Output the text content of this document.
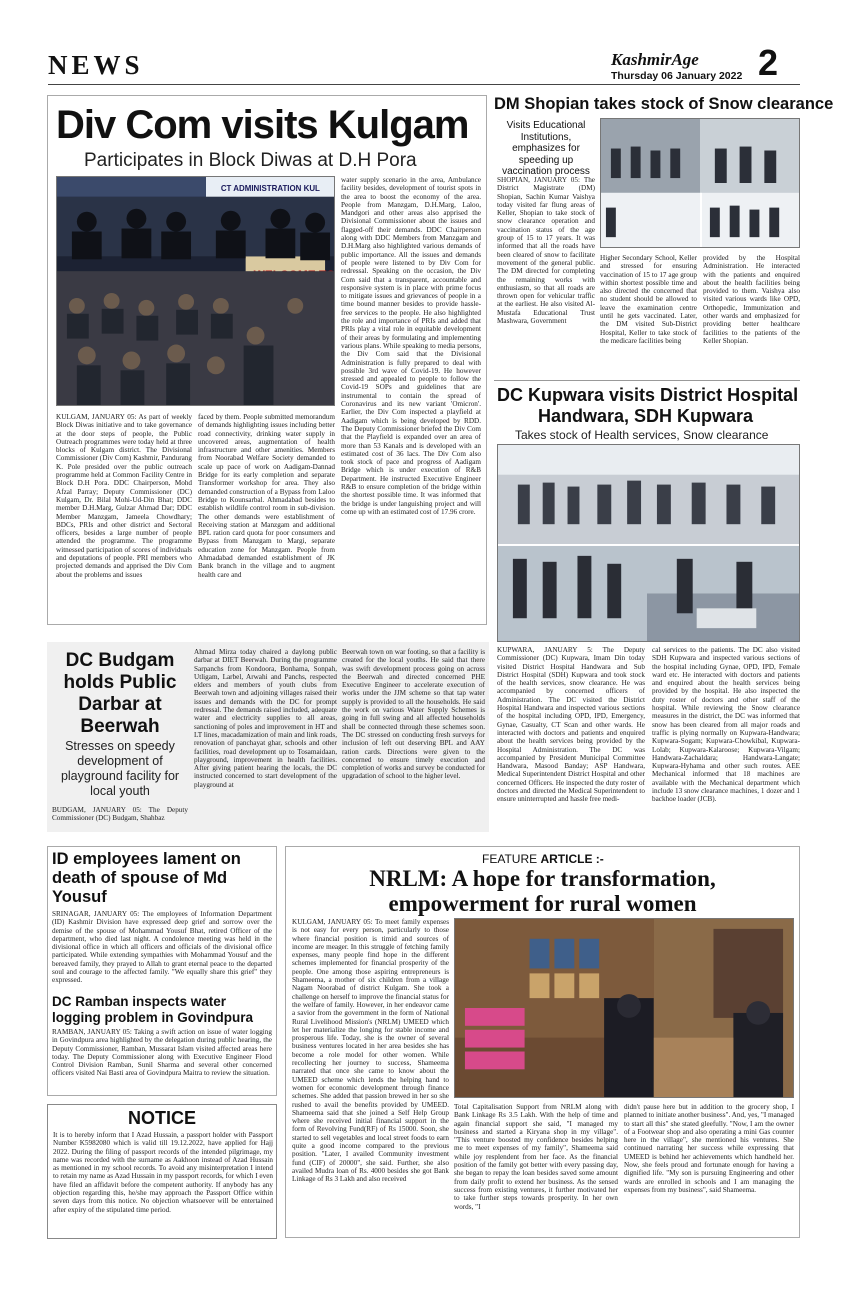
NEWS	KashmirAge
Thursday 06 January 2022 2
Div Com visits Kulgam
Participates in Block Diwas at D.H Pora
CT ADMINISTRATION KUL
KULGAM, JANUARY 05: As part of weekly Block Diwas initiative and to take governance at the door steps of people, the Public Outreach programmes were today held at three blocks of Kulgam district. The Divisional Commissioner (Div Com) Kashmir, Pandurang K. Pole presided over the public outreach programme held at Common Facility Centre in Block D.H Pora. DDC Chairperson, Mohd Afzal Parray; Deputy Commissioner (DC) Kulgam, Dr. Bilal Mohi-Ud-Din Bhat; DDC member D.H.Marg, Gulzar Ahmad Dar; DDC Member Manzgam, Jameela Chowdhary; BDCs, PRIs and other district and Sectoral officers, besides a large number of people attended the programme. The programme witnessed participation of scores of individuals and deputations of people. PRI members who projected demands and apprised the Div Com about the problems and issues
faced by them. People submitted memorandum of demands highlighting issues including better road connectivity, drinking water supply in uncovered areas, augmentation of health infrastructure and other amenities. Members from Noorabad Welfare Society demanded to scale up pace of work on Aadigam-Dannad Bridge for its early completion and separate Transformer workshop for area. They also demanded construction of a Bypass from Laloo Bridge to Kounsarbal. Ahmadabad besides to establish wildlife control room in sub-division. The other demands were establishment of Receiving station at Manzgam and additional BPL ration card quota for poor consumers and Bypass from Manzgam to Margi, separate education zone for Manzgam. People from Ahmadabad demanded establishment of JK Bank branch in the village and to augment health care and
water supply scenario in the area, Ambulance facility besides, development of tourist spots in the area to boost the economy of the area. People from Manzgam, D.H.Marg, Laloo, Mandgori and other areas also apprised the Divisional Commissioner about the issues and flagged-off their demands. DDC Chairperson along with DDC Members from Manzgam and D.H.Marg also highlighted various demands of public importance. All the issues and demands of people were listened to by Div Com for redressal. Speaking on the occasion, the Div Com said that a transparent, accountable and responsive system is in place with prime focus to mitigate issues and grievances of people in a time bound manner besides to provide hassle-free services to the people. He also highlighted the role and importance of PRIs and added that PRIs play a vital role in equitable development of their areas by formulating and implementing various plans. While speaking to media persons, the Div Com said that the Divisional Administration is fully prepared to deal with possible 3rd wave of Covid-19. He however stressed and appealed to people to follow the Covid-19 SOPs and guidelines that are instrumental to contain the spread of Coronavirus and its new variant 'Omicron'. Earlier, the Div Com inspected a playfield at Aadigam which is being developed by RDD. The Deputy Commissioner briefed the Div Com that the Playfield is expanded over an area of more than 53 Kanals and is developed with an estimated cost of 36 lacs. The Div Com also took stock of pace and progress of Aadigam Bridge which is under execution of R&B Department. He instructed Executive Engineer R&B to ensure completion of the bridge within the shortest possible time. It was informed that the bridge is under languishing project and will come up with an estimated cost of 17.96 crore.
DM Shopian takes stock of Snow clearance
Visits Educational Institutions, emphasizes for speeding up vaccination process
SHOPIAN, JANUARY 05: The District Magistrate (DM) Shopian, Sachin Kumar Vaishya today visited far flung areas of Keller, Shopian to take stock of snow clearance operation and vaccination status of the age group of 15 to 17 years. It was informed that all the roads have been cleared of snow to facilitate movement of the general public. The DM directed for completing the remaining works with enthusiasm, so that all roads are thrown open for vehicular traffic at the earliest. He also visited Al-Mustafa Educational Trust Mashwara, Government
Higher Secondary School, Keller and stressed for ensuring vaccination of 15 to 17 age group within shortest possible time and also directed the concerned that no student should be allowed to leave the examination centre until he gets vaccinated. Later, the DM visited Sub-District Hospital, Keller to take stock of the medicare facilities being
provided by the Hospital Administration. He interacted with the patients and enquired about the health facilities being provided to them. Vaishya also visited various wards like OPD, Orthopedic, Immunization and other wards and emphasized for providing better healthcare facilities to the patients of the Keller Shopian.
DC Kupwara visits District Hospital
Handwara, SDH Kupwara
Takes stock of Health services, Snow clearance
KUPWARA, JANUARY 5: The Deputy Commissioner (DC) Kupwara, Imam Din today visited District Hospital Handwara and Sub District Hospital (SDH) Kupwara and took stock of the health services, snow clearance. He was accompanied by concerned officers of Administration. The DC visited the District Hospital Handwara and inspected various sections of the hospital including OPD, IPD, Emergency, Gynae, Casualty, CT Scan and other wards. He interacted with doctors and patients and enquired about the health services being provided by the Hospital Administration. The DC was accompanied by President Municipal Committee Handwara, Masood Banday; ASP Handwara, Medical Superintendent District Hospital and other concerned Officers. He inspected the duty roster of doctors and directed the Medical Superintendent to ensure uninterrupted and hassle free medi-
cal services to the patients. The DC also visited SDH Kupwara and inspected various sections of the hospital including Gynae, OPD, IPD, Female ward etc. He interacted with doctors and patients and enquired about the health services being provided by the hospital. He also inspected the duty roster of doctors and other staff of the hospital. While reviewing the Snow clearance measures in the district, the DC was informed that snow has been cleared from all major roads and traffic is plying normally on Kupwara-Handwara; Kupwara-Sogam; Kupwara-Chowkibal, Kupwara-Lolab; Kupwara-Kalaroose; Kupwara-Vilgam; Handwara-Zachaldara; Handwara-Langate; Kupwara-Hyhama and other such routes. AEE Mechanical informed that 18 machines are available with the Mechanical department which include 13 snow clearance machines, 1 dozer and 1 backhoe loader (JCB).
DC Budgam holds Public Darbar at Beerwah
Stresses on speedy development of playground facility for local youth
BUDGAM, JANUARY 05: The Deputy Commissioner (DC) Budgam, Shahbaz
Ahmad Mirza today chaired a daylong public darbar at DIET Beerwah. During the programme Sarpanchs from Kondoora, Bonhama, Sonpah, Utligam, Larbel, Arwahi and Panchs, respected elders and members of youth clubs from Beerwah town and adjoining villages raised their issues and demands with the DC for prompt redressal. The demands raised included, adequate water and electricity supplies to all areas, sanctioning of poles and improvement in HT and LT lines, macadamization of main and link roads, renovation of panchayat ghar, schools and other facilities, road development up to Tosamaidaan, playground, improvement in health facilities. After giving patient hearing the locals, the DC instructed concerned to start development of the playground at
Beerwah town on war footing, so that a facility is created for the local youths. He said that there was swift development process going on across the Beerwah and directed concerned PHE Executive Engineer to accelerate execution of works under the JJM scheme so that tap water supply is provided to all the households. He said the work on various Water Supply Schemes is going in full swing and all affected households shall be connected through these schemes soon. The DC stressed on conducting fresh surveys for inclusion of left out deserving BPL and AAY ration cards. Directions were given to the concerned to ensure timely execution and completion of works and survey be conducted for upgradation of school to the higher level.
ID employees lament on death of spouse of Md Yousuf
SRINAGAR, JANUARY 05: The employees of Information Department (ID) Kashmir Division have expressed deep grief and sorrow over the demise of the spouse of Mohammad Yousuf Bhat, retired Officer of the department, who died last night. A condolence meeting was held in the divisional office in which all officers and officials of the divisional office participated. While extending sympathies with Mohammad Yousuf and the bereaved family, they prayed to Allah to grant eternal peace to the departed soul and courage to the affected family. "We equally share this grief" they expressed.
DC Ramban inspects water logging problem in Govindpura
RAMBAN, JANUARY 05: Taking a swift action on issue of water logging in Govindpura area highlighted by the delegation during public hearing, the Deputy Commissioner, Ramban, Mussarat Islam visited affected areas here today. The Deputy Commissioner along with Executive Engineer Flood Control Division Ramban, Sunil Sharma and several other concerned officers visited Nai Basti area of Govindpura Maitra to review the situation.
NOTICE
It is to hereby inform that I Azad Hussain, a passport holder with Passport Number K5982080 which is valid till 19.12.2022, have applied for Hajj 2022. During the filing of passport records of the intended pilgrimage, my name was recorded with the surname as Aakhoon instead of Azad Hussain as mentioned in my school records. To avoid any misinterpretation I intend to retain my name as Azad Hussain in my passport records, for which I even have filed an affidavit before the competent authority. If anybody has any objection regarding this, he/she may approach the Passport Office within seven days from this notice. No objection whatsoever will be entertained after expiry of the stipulated time period.
FEATURE ARTICLE :-
NRLM: A hope for transformation,
empowerment for rural women
KULGAM, JANUARY 05: To meet family expenses is not easy for every person, particularly to those where financial position is timid and sources of income are meager. In this struggle of fetching family expenses, many people find hope in the different schemes implemented for financial prosperity of the people. One among those aspiring entrepreneurs is Shameema, a mother of six children from a village Nagam Noorabad of district Kulgam. She took a challenge on herself to improve the financial status for the welfare of family. However, in her endeavor came a savior from the government in the form of National Rural Livelihood Mission's (NRLM) UMEED which let her materialize the longing for stable income and prosperous life. Today, she is the owner of several business ventures located in her area besides she has become a role model for other women. While recollecting her journey to success, Shameema narrated that once she came to know about the UMEED scheme which lends the helping hand to women for economic development through finance schemes. She added that passion brewed in her so she rushed to avail the benefits provided by UMEED. Shameema said that she joined a Self Help Group where she received initial financial support in the form of Revolving Fund(RF) of Rs 15000. Soon, she started to sell vegetables and local street foods to earn quite a good income compared to the previous position. "Later, I availed Community investment fund (CIF) of 20000", she said. Further, she also availed Mudra loan of Rs. 4000 besides she got Bank Linkage of Rs 3 Lakh and also received
Total Capitalisation Support from NRLM along with Bank Linkage Rs 3.5 Lakh. With the help of time and again financial support she said, "I managed my business and started a Kiryana shop in my village". "This venture boosted my confidence besides helping me to meet expenses of my family", Shameema said while joy resplendent from her face. As the financial position of the family got better with every passing day, she began to repay the loan besides saved some amount from daily profit to extend her business. As the sensed success from existing ventures, it further motivated her to take further steps towards prosperity. In her own words, "I
didn't pause here but in addition to the grocery shop, I planned to initiate another business". And, yes, "I managed to start all this" she stated gleefully. "Now, I am the owner of a Footwear shop and also operating a mini Gas counter here in the village", she mentioned his ventures. She continued narrating her success while expressing that UMEED is behind her achievements which handheld her. Now, she feels proud and fortunate enough for having a dignified life. "My son is pursuing Engineering and other wards are enrolled in schools and I am managing the expenses from my business", said Shameema.
